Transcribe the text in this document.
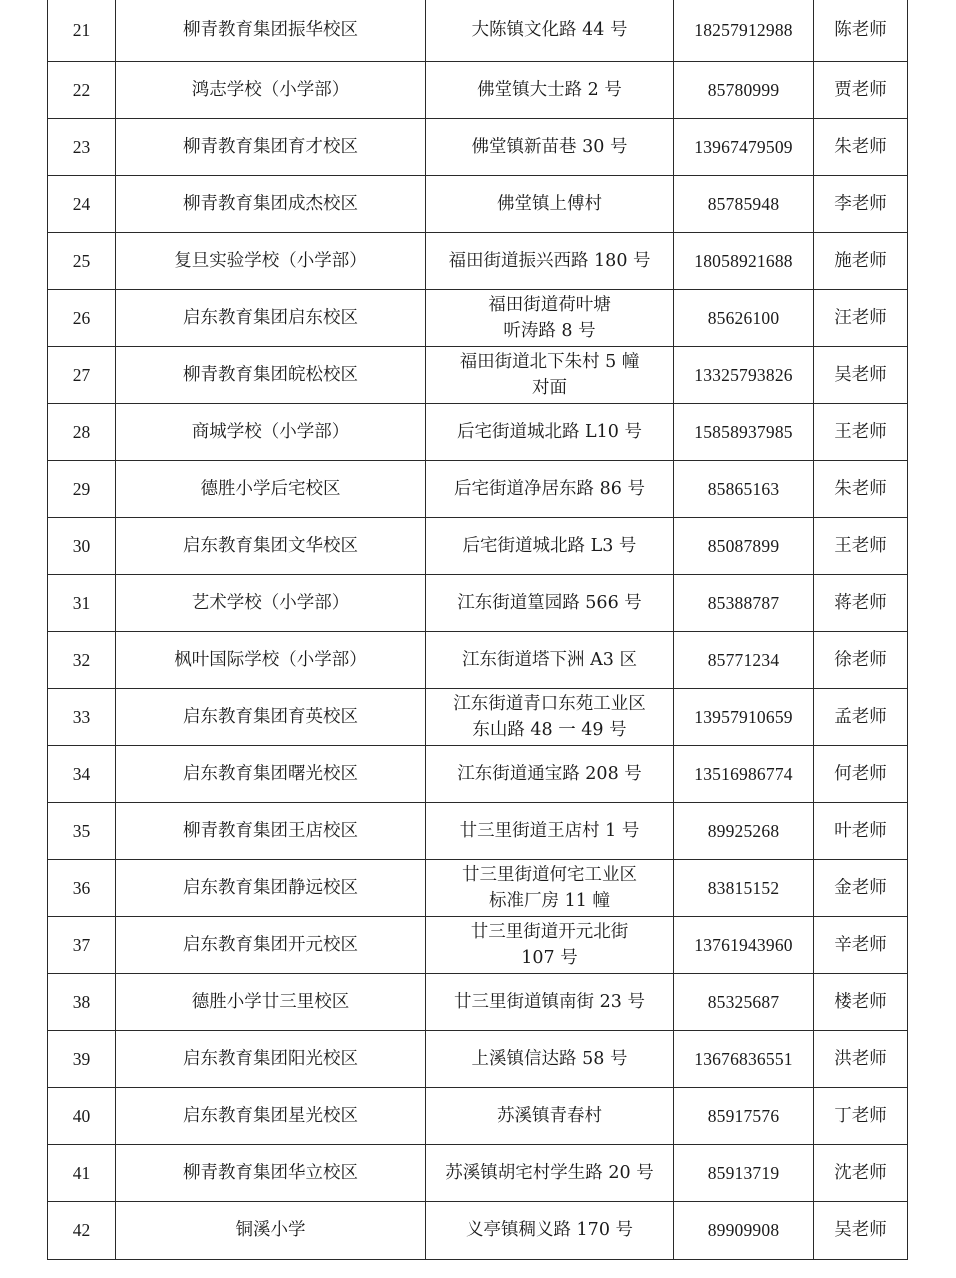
21	柳青教育集团振华校区	大陈镇文化路 44 号	18257912988	陈老师
22	鸿志学校（小学部）	佛堂镇大士路 2 号	85780999	贾老师
23	柳青教育集团育才校区	佛堂镇新苗巷 30 号	13967479509	朱老师
24	柳青教育集团成杰校区	佛堂镇上傅村	85785948	李老师
25	复旦实验学校（小学部）	福田街道振兴西路 180 号	18058921688	施老师
26	启东教育集团启东校区	福田街道荷叶塘
听涛路 8 号	85626100	汪老师
27	柳青教育集团皖松校区	福田街道北下朱村 5 幢
对面	13325793826	吴老师
28	商城学校（小学部）	后宅街道城北路 L10 号	15858937985	王老师
29	德胜小学后宅校区	后宅街道净居东路 86 号	85865163	朱老师
30	启东教育集团文华校区	后宅街道城北路 L3 号	85087899	王老师
31	艺术学校（小学部）	江东街道篁园路 566 号	85388787	蒋老师
32	枫叶国际学校（小学部）	江东街道塔下洲 A3 区	85771234	徐老师
33	启东教育集团育英校区	江东街道青口东苑工业区
东山路 48 一 49 号	13957910659	孟老师
34	启东教育集团曙光校区	江东街道通宝路 208 号	13516986774	何老师
35	柳青教育集团王店校区	廿三里街道王店村 1 号	89925268	叶老师
36	启东教育集团静远校区	廿三里街道何宅工业区
标准厂房 11 幢	83815152	金老师
37	启东教育集团开元校区	廿三里街道开元北街
107 号	13761943960	辛老师
38	德胜小学廿三里校区	廿三里街道镇南街 23 号	85325687	楼老师
39	启东教育集团阳光校区	上溪镇信达路 58 号	13676836551	洪老师
40	启东教育集团星光校区	苏溪镇青春村	85917576	丁老师
41	柳青教育集团华立校区	苏溪镇胡宅村学生路 20 号	85913719	沈老师
42	铜溪小学	义亭镇稠义路 170 号	89909908	吴老师
